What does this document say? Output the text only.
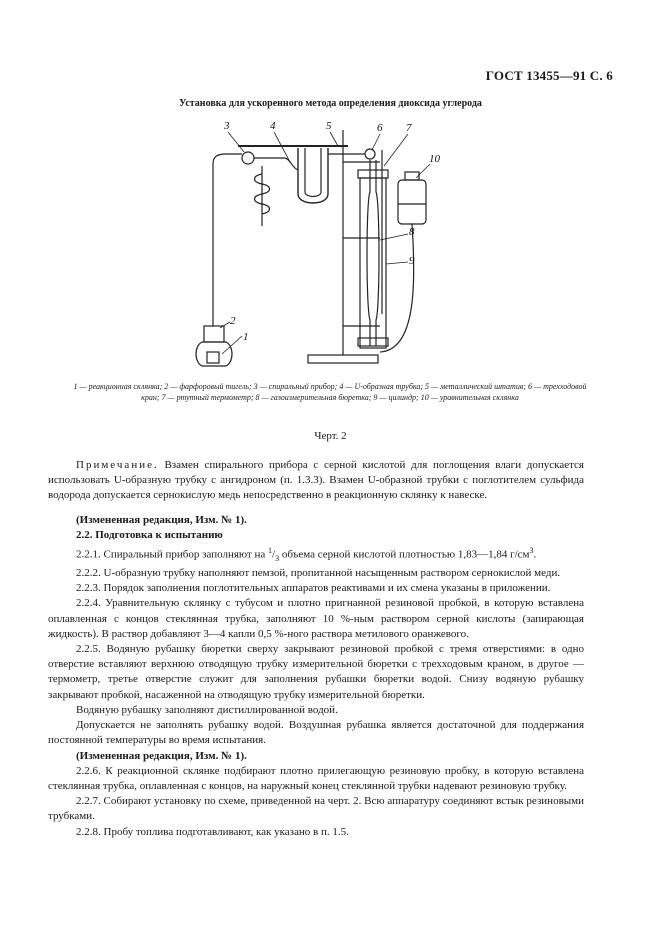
ГОСТ 13455—91 С. 6
Установка для ускоренного метода определения диоксида углерода
3	4	5	6 7
10
8
9
2
1
1 — реакционная склянка; 2 — фарфоровый тигель; 3 — спиральный прибор; 4 — U-образная трубка; 5 — металлический штатив; 6 — трехходовой кран; 7 — ртутный термометр; 8 — газоизмерительная бюретка; 9 — цилиндр; 10 — уравнительная склянка
Черт. 2

Примечание. Взамен спирального прибора с серной кислотой для поглощения влаги допускается использовать U-образную трубку с ангидроном (п. 1.3.3). Взамен U-образной трубки с поглотителем сульфида водорода допускается сернокислую медь непосредственно в реакционную склянку к навеске.

(Измененная редакция, Изм. № 1).

2.2. Подготовка к испытанию

2.2.1. Спиральный прибор заполняют на $^1/_3$ объема серной кислотой плотностью 1,83—1,84 $г/см^3$.

2.2.2. U-образную трубку наполняют пемзой, пропитанной насыщенным раствором сернокислой меди.

2.2.3. Порядок заполнения поглотительных аппаратов реактивами и их смена указаны в приложении.

2.2.4. Уравнительную склянку с тубусом и плотно пригнанной резиновой пробкой, в которую вставлена оплавленная с концов стеклянная трубка, заполняют 10 %-ным раствором серной кислоты (запирающая жидкость). В раствор добавляют 3—4 капли 0,5 %-ного раствора метилового оранжевого.

2.2.5. Водяную рубашку бюретки сверху закрывают резиновой пробкой с тремя отверстиями: в одно отверстие вставляют верхнюю отводящую трубку измерительной бюретки с трехходовым краном, в другое — термометр, третье отверстие служит для заполнения рубашки бюретки водой. Снизу водяную рубашку закрывают пробкой, насаженной на отводящую трубку измерительной бюретки.

Водяную рубашку заполняют дистиллированной водой.

Допускается не заполнять рубашку водой. Воздушная рубашка является достаточной для поддержания постоянной температуры во время испытания.

(Измененная редакция, Изм. № 1).

2.2.6. К реакционной склянке подбирают плотно прилегающую резиновую пробку, в которую вставлена стеклянная трубка, оплавленная с концов, на наружный конец стеклянной трубки надевают резиновую трубку.

2.2.7. Собирают установку по схеме, приведенной на черт. 2. Всю аппаратуру соединяют встык резиновыми трубками.

2.2.8. Пробу топлива подготавливают, как указано в п. 1.5.
